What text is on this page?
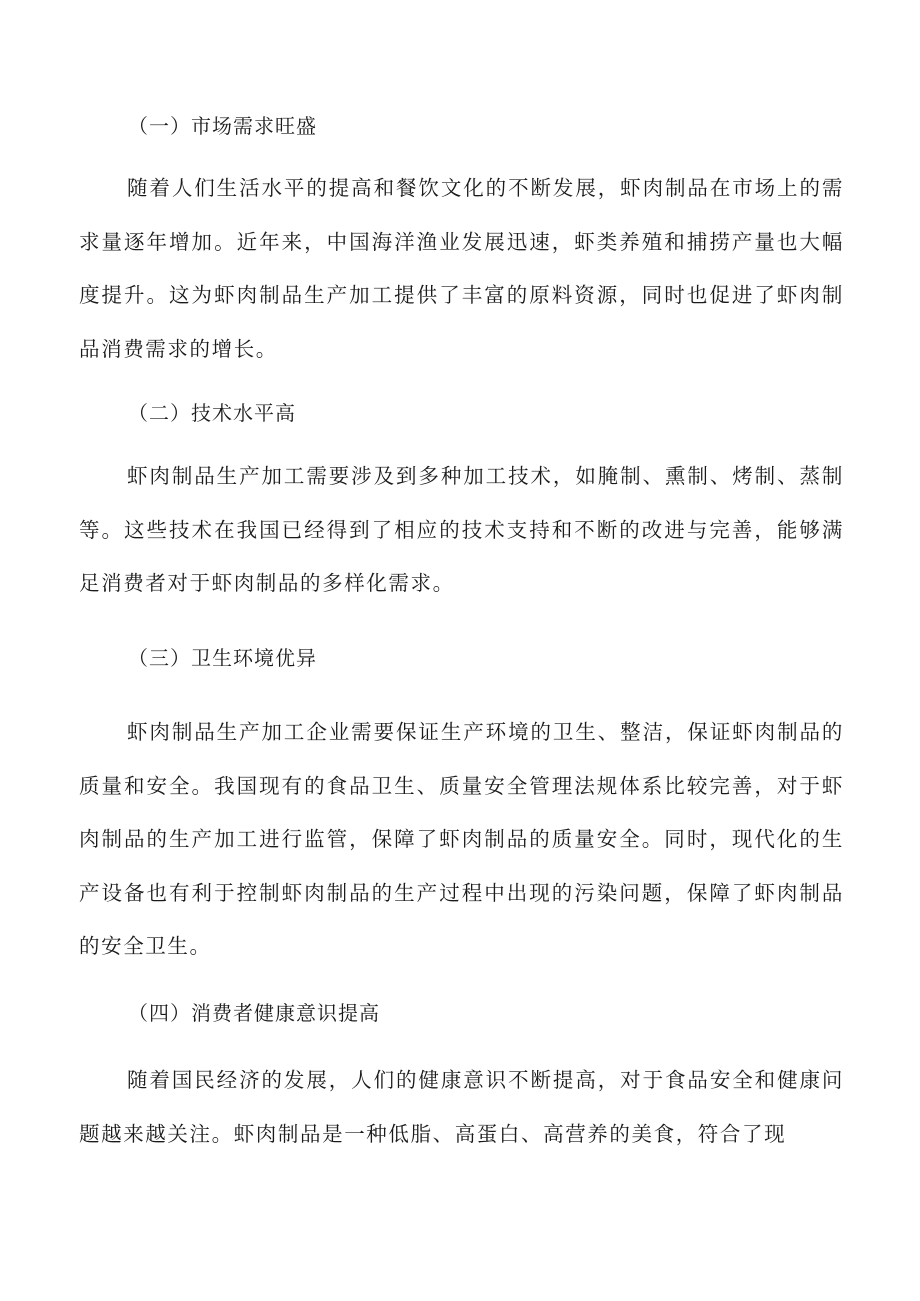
（一）市场需求旺盛
随着人们生活水平的提高和餐饮文化的不断发展，虾肉制品在市场上的需求量逐年增加。近年来，中国海洋渔业发展迅速，虾类养殖和捕捞产量也大幅度提升。这为虾肉制品生产加工提供了丰富的原料资源，同时也促进了虾肉制品消费需求的增长。
（二）技术水平高
虾肉制品生产加工需要涉及到多种加工技术，如腌制、熏制、烤制、蒸制等。这些技术在我国已经得到了相应的技术支持和不断的改进与完善，能够满足消费者对于虾肉制品的多样化需求。
（三）卫生环境优异
虾肉制品生产加工企业需要保证生产环境的卫生、整洁，保证虾肉制品的质量和安全。我国现有的食品卫生、质量安全管理法规体系比较完善，对于虾肉制品的生产加工进行监管，保障了虾肉制品的质量安全。同时，现代化的生产设备也有利于控制虾肉制品的生产过程中出现的污染问题，保障了虾肉制品的安全卫生。
（四）消费者健康意识提高
随着国民经济的发展，人们的健康意识不断提高，对于食品安全和健康问题越来越关注。虾肉制品是一种低脂、高蛋白、高营养的美食，符合了现
